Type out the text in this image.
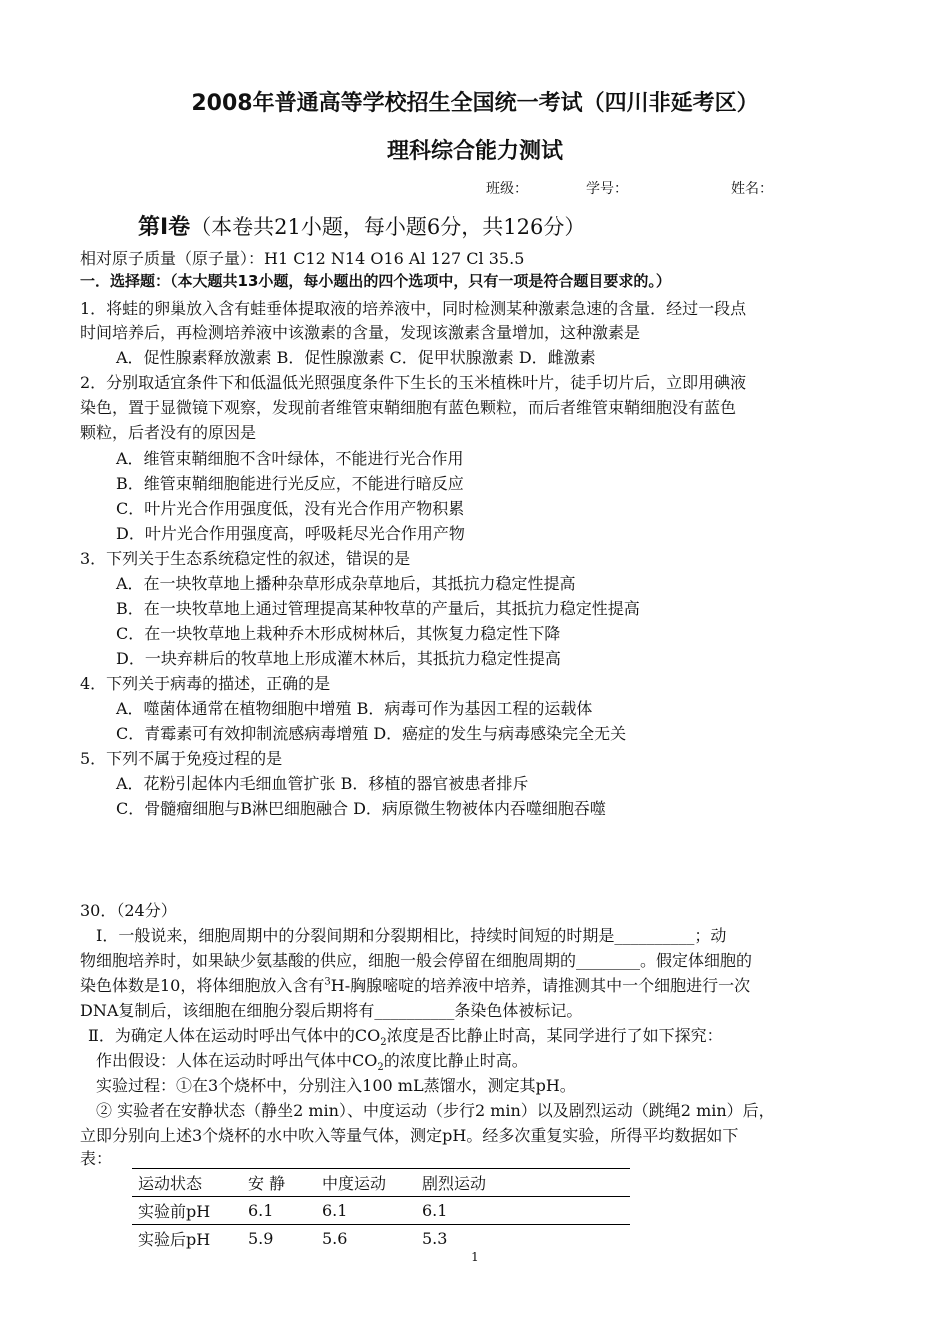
2008年普通高等学校招生全国统一考试（四川非延考区）
理科综合能力测试
班级：	学号：	姓名：
第Ⅰ卷（本卷共21小题，每小题6分，共126分）
相对原子质量（原子量）：H1 C12 N14 O16 Al 127 Cl 35.5
一．选择题：（本大题共13小题，每小题出的四个选项中，只有一项是符合题目要求的。）
1．将蛙的卵巢放入含有蛙垂体提取液的培养液中，同时检测某种激素急速的含量．经过一段点
时间培养后，再检测培养液中该激素的含量，发现该激素含量增加，这种激素是
A．促性腺素释放激素 B．促性腺激素 C．促甲状腺激素 D．雌激素
2．分别取适宜条件下和低温低光照强度条件下生长的玉米植株叶片，徒手切片后，立即用碘液
染色，置于显微镜下观察，发现前者维管束鞘细胞有蓝色颗粒，而后者维管束鞘细胞没有蓝色
颗粒，后者没有的原因是
A．维管束鞘细胞不含叶绿体，不能进行光合作用
B．维管束鞘细胞能进行光反应，不能进行暗反应
C．叶片光合作用强度低，没有光合作用产物积累
D．叶片光合作用强度高，呼吸耗尽光合作用产物
3．下列关于生态系统稳定性的叙述，错误的是
A．在一块牧草地上播种杂草形成杂草地后，其抵抗力稳定性提高
B．在一块牧草地上通过管理提高某种牧草的产量后，其抵抗力稳定性提高
C．在一块牧草地上栽种乔木形成树林后，其恢复力稳定性下降
D．一块弃耕后的牧草地上形成灌木林后，其抵抗力稳定性提高
4．下列关于病毒的描述，正确的是
A．噬菌体通常在植物细胞中增殖 B．病毒可作为基因工程的运载体
C．青霉素可有效抑制流感病毒增殖 D．癌症的发生与病毒感染完全无关
5．下列不属于免疫过程的是
A．花粉引起体内毛细血管扩张 B．移植的器官被患者排斥
C．骨髓瘤细胞与B淋巴细胞融合 D．病原微生物被体内吞噬细胞吞噬
30．（24分）
Ⅰ．一般说来，细胞周期中的分裂间期和分裂期相比，持续时间短的时期是__________；动
物细胞培养时，如果缺少氨基酸的供应，细胞一般会停留在细胞周期的________。假定体细胞的
染色体数是10，将体细胞放入含有$^3$H-胸腺嘧啶的培养液中培养，请推测其中一个细胞进行一次
DNA复制后，该细胞在细胞分裂后期将有__________条染色体被标记。
Ⅱ．为确定人体在运动时呼出气体中的$CO_2$浓度是否比静止时高，某同学进行了如下探究：
作出假设：人体在运动时呼出气体中$CO_2$的浓度比静止时高。
实验过程：①在3个烧杯中，分别注入100 mL蒸馏水，测定其pH。
② 实验者在安静状态（静坐2 min）、中度运动（步行2 min）以及剧烈运动（跳绳2 min）后，
立即分别向上述3个烧杯的水中吹入等量气体，测定pH。经多次重复实验，所得平均数据如下
表：
运动状态	安 静	中度运动	剧烈运动
实验前pH	6.1	6.1	6.1
实验后pH	5.9	5.6	5.3
1
